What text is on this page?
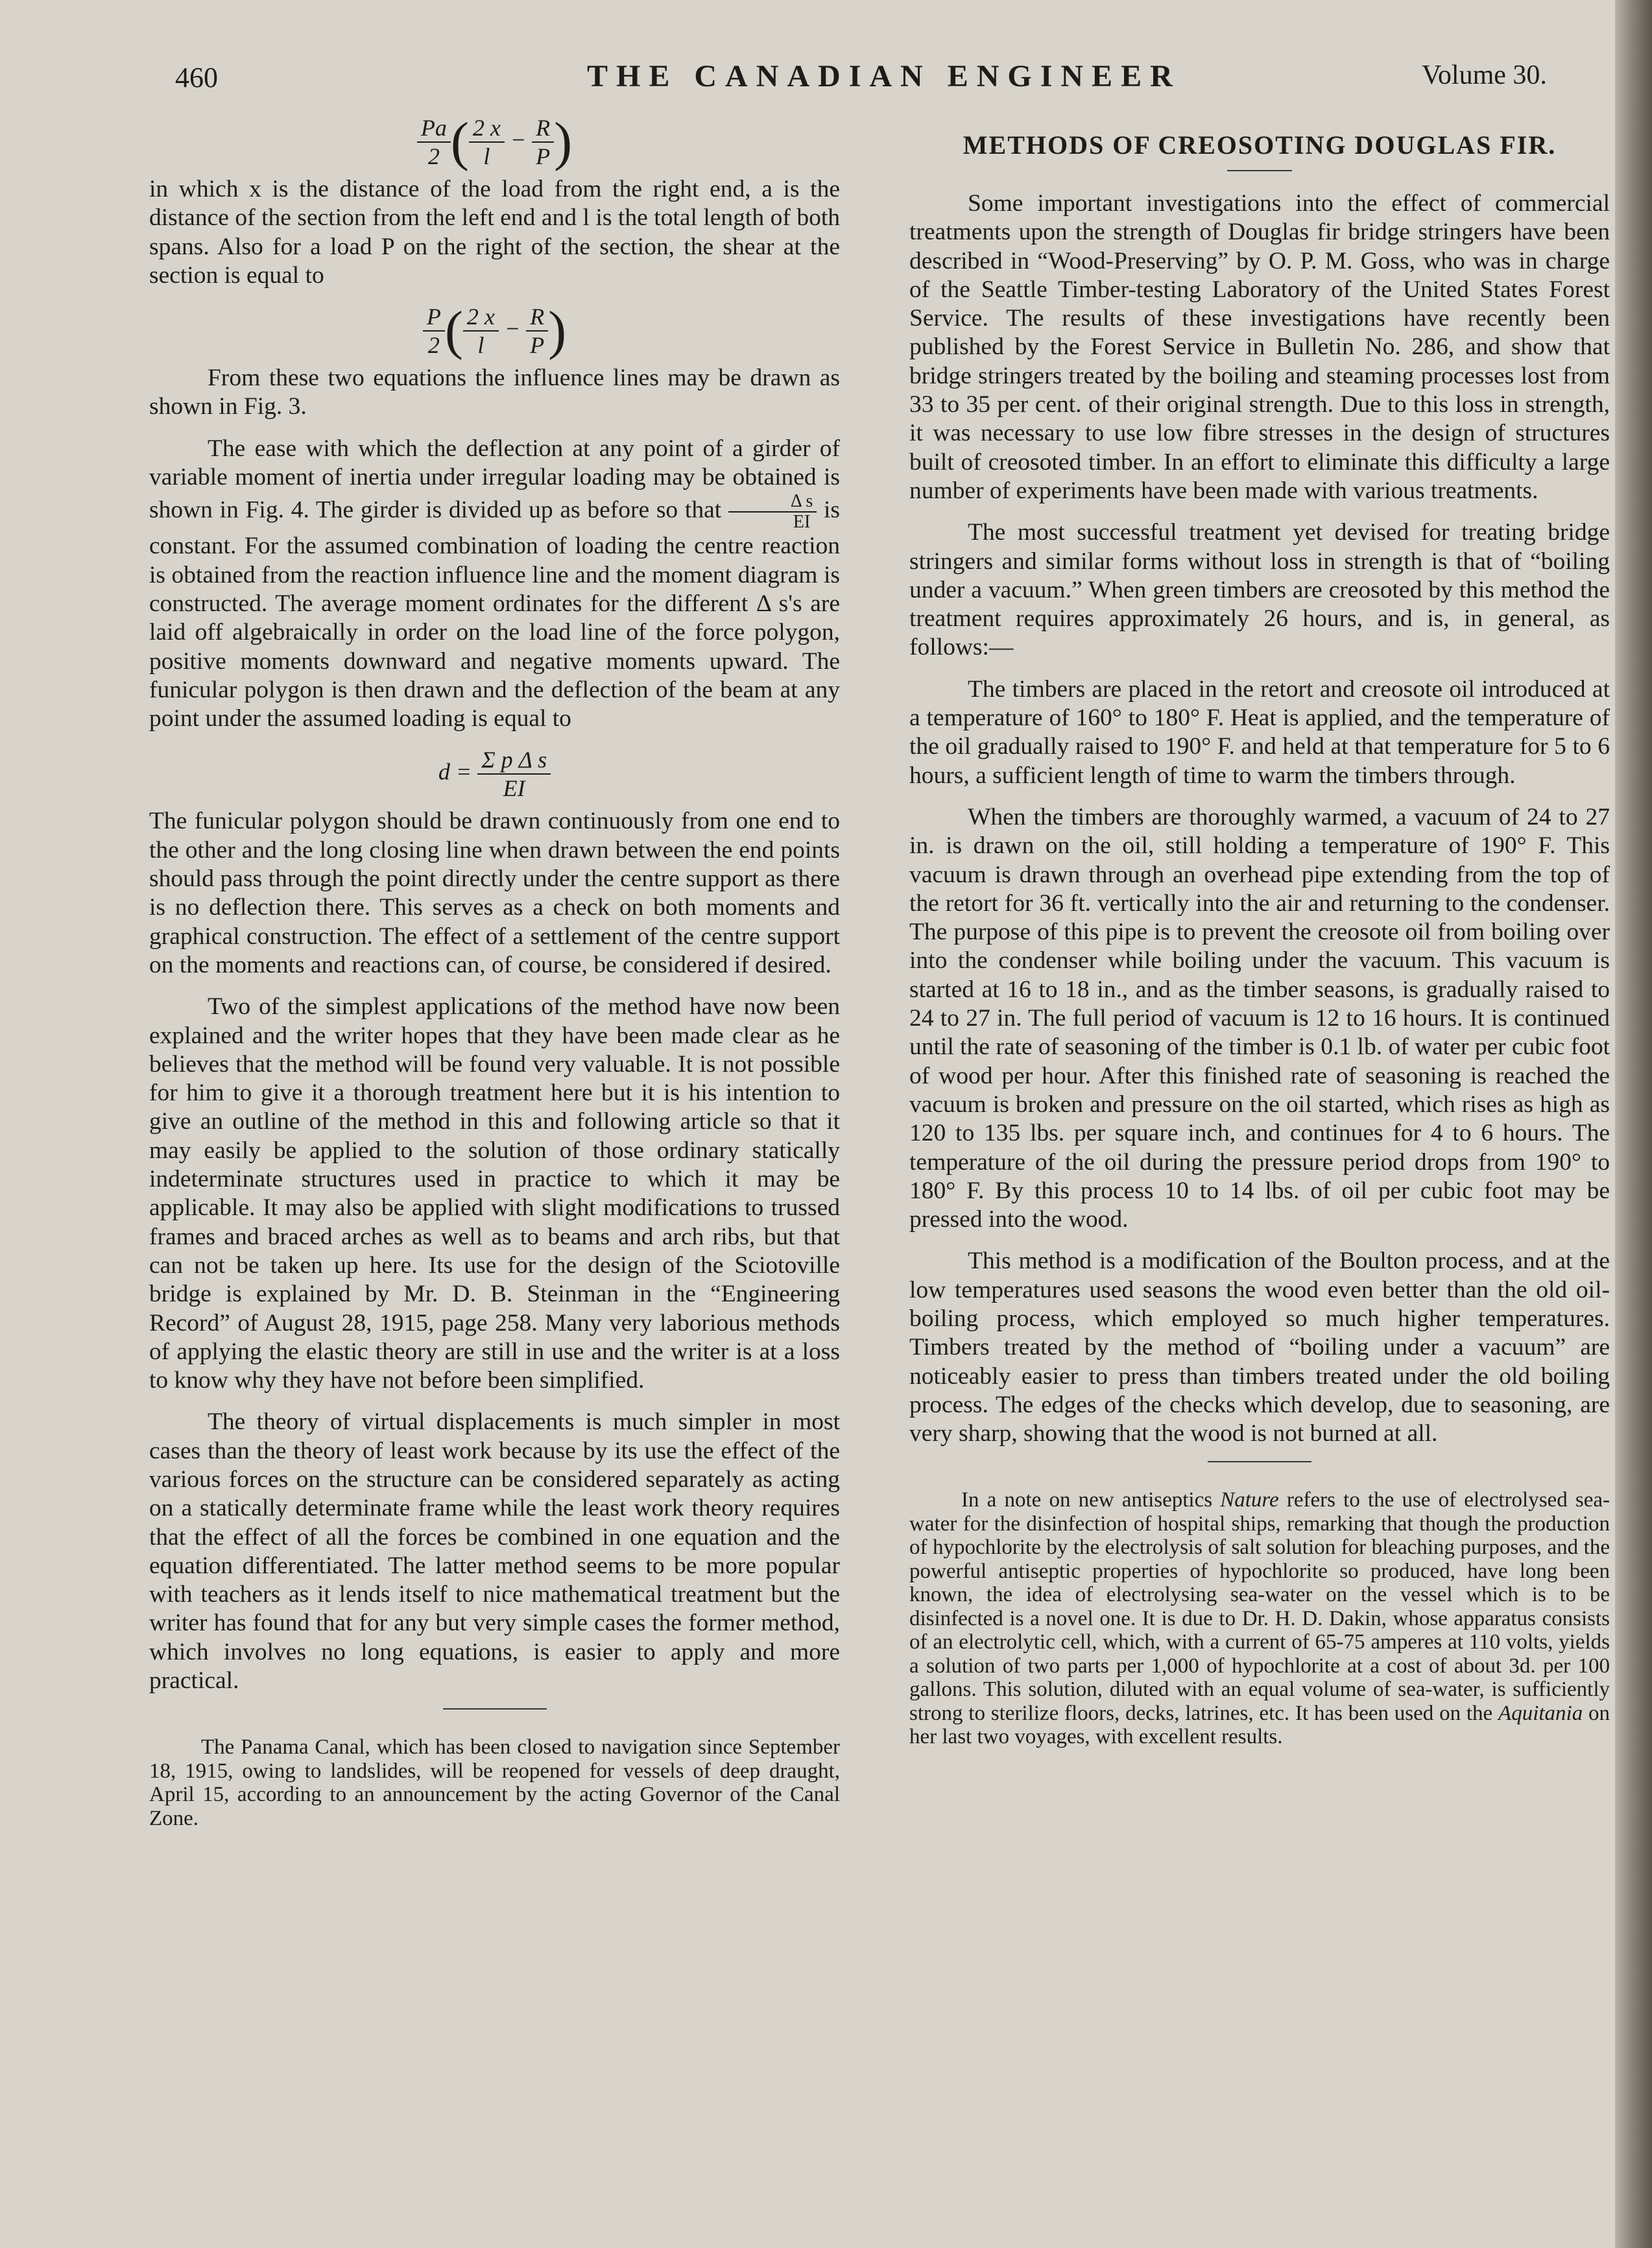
460	THE CANADIAN ENGINEER	Volume 30.
$\frac{Pa}{2}$ ( $\frac{2 x}{l} - \frac{R}{P}$ )

in which x is the distance of the load from the right end, a is the distance of the section from the left end and l is the total length of both spans. Also for a load P on the right of the section, the shear at the section is equal to

$\frac{P}{2}$ ( $\frac{2 x}{l} - \frac{R}{P}$ )

From these two equations the influence lines may be drawn as shown in Fig. 3.

The ease with which the deflection at any point of a girder of variable moment of inertia under irregular loading may be obtained is shown in Fig. 4. The girder is divided up as before so that $\frac{\text{Δ s}}{EI}$ is constant. For the assumed combination of loading the centre reaction is obtained from the reaction influence line and the moment diagram is constructed. The average moment ordinates for the different Δ s's are laid off algebraically in order on the load line of the force polygon, positive moments downward and negative moments upward. The funicular polygon is then drawn and the deflection of the beam at any point under the assumed loading is equal to

$d = \frac{\text{Σ p Δ s}}{EI}$

The funicular polygon should be drawn continuously from one end to the other and the long closing line when drawn between the end points should pass through the point directly under the centre support as there is no deflection there. This serves as a check on both moments and graphical construction. The effect of a settlement of the centre support on the moments and reactions can, of course, be considered if desired.

Two of the simplest applications of the method have now been explained and the writer hopes that they have been made clear as he believes that the method will be found very valuable. It is not possible for him to give it a thorough treatment here but it is his intention to give an outline of the method in this and following article so that it may easily be applied to the solution of those ordinary statically indeterminate structures used in practice to which it may be applicable. It may also be applied with slight modifications to trussed frames and braced arches as well as to beams and arch ribs, but that can not be taken up here. Its use for the design of the Sciotoville bridge is explained by Mr. D. B. Steinman in the “Engineering Record” of August 28, 1915, page 258. Many very laborious methods of applying the elastic theory are still in use and the writer is at a loss to know why they have not before been simplified.

The theory of virtual displacements is much simpler in most cases than the theory of least work because by its use the effect of the various forces on the structure can be considered separately as acting on a statically determinate frame while the least work theory requires that the effect of all the forces be combined in one equation and the equation differentiated. The latter method seems to be more popular with teachers as it lends itself to nice mathematical treatment but the writer has found that for any but very simple cases the former method, which involves no long equations, is easier to apply and more practical.

The Panama Canal, which has been closed to navigation since September 18, 1915, owing to landslides, will be reopened for vessels of deep draught, April 15, according to an announcement by the acting Governor of the Canal Zone.

METHODS OF CREOSOTING DOUGLAS FIR.

Some important investigations into the effect of commercial treatments upon the strength of Douglas fir bridge stringers have been described in “Wood-Preserving” by O. P. M. Goss, who was in charge of the Seattle Timber-testing Laboratory of the United States Forest Service. The results of these investigations have recently been published by the Forest Service in Bulletin No. 286, and show that bridge stringers treated by the boiling and steaming processes lost from 33 to 35 per cent. of their original strength. Due to this loss in strength, it was necessary to use low fibre stresses in the design of structures built of creosoted timber. In an effort to eliminate this difficulty a large number of experiments have been made with various treatments.

The most successful treatment yet devised for treating bridge stringers and similar forms without loss in strength is that of “boiling under a vacuum.” When green timbers are creosoted by this method the treatment requires approximately 26 hours, and is, in general, as follows:—

The timbers are placed in the retort and creosote oil introduced at a temperature of 160° to 180° F. Heat is applied, and the temperature of the oil gradually raised to 190° F. and held at that temperature for 5 to 6 hours, a sufficient length of time to warm the timbers through.

When the timbers are thoroughly warmed, a vacuum of 24 to 27 in. is drawn on the oil, still holding a temperature of 190° F. This vacuum is drawn through an overhead pipe extending from the top of the retort for 36 ft. vertically into the air and returning to the condenser. The purpose of this pipe is to prevent the creosote oil from boiling over into the condenser while boiling under the vacuum. This vacuum is started at 16 to 18 in., and as the timber seasons, is gradually raised to 24 to 27 in. The full period of vacuum is 12 to 16 hours. It is continued until the rate of seasoning of the timber is 0.1 lb. of water per cubic foot of wood per hour. After this finished rate of seasoning is reached the vacuum is broken and pressure on the oil started, which rises as high as 120 to 135 lbs. per square inch, and continues for 4 to 6 hours. The temperature of the oil during the pressure period drops from 190° to 180° F. By this process 10 to 14 lbs. of oil per cubic foot may be pressed into the wood.

This method is a modification of the Boulton process, and at the low temperatures used seasons the wood even better than the old oil-boiling process, which employed so much higher temperatures. Timbers treated by the method of “boiling under a vacuum” are noticeably easier to press than timbers treated under the old boiling process. The edges of the checks which develop, due to seasoning, are very sharp, showing that the wood is not burned at all.

In a note on new antiseptics Nature refers to the use of electrolysed sea-water for the disinfection of hospital ships, remarking that though the production of hypochlorite by the electrolysis of salt solution for bleaching purposes, and the powerful antiseptic properties of hypochlorite so produced, have long been known, the idea of electrolysing sea-water on the vessel which is to be disinfected is a novel one. It is due to Dr. H. D. Dakin, whose apparatus consists of an electrolytic cell, which, with a current of 65-75 amperes at 110 volts, yields a solution of two parts per 1,000 of hypochlorite at a cost of about 3d. per 100 gallons. This solution, diluted with an equal volume of sea-water, is sufficiently strong to sterilize floors, decks, latrines, etc. It has been used on the Aquitania on her last two voyages, with excellent results.
